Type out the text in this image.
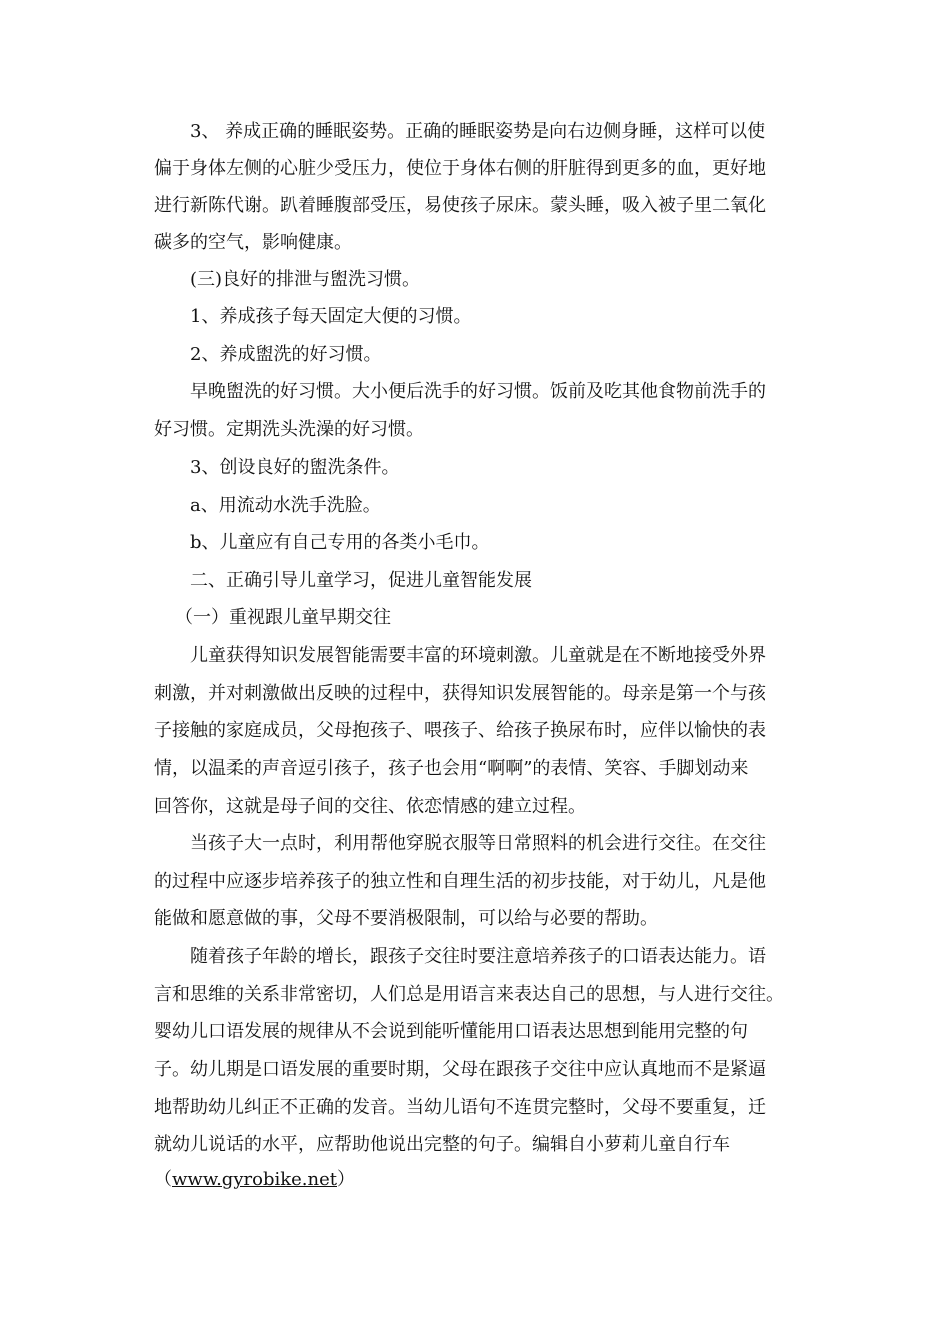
3、 养成正确的睡眠姿势。正确的睡眠姿势是向右边侧身睡，这样可以使
偏于身体左侧的心脏少受压力，使位于身体右侧的肝脏得到更多的血，更好地
进行新陈代谢。趴着睡腹部受压，易使孩子尿床。蒙头睡，吸入被子里二氧化
碳多的空气，影响健康。
(三)良好的排泄与盥洗习惯。
1、养成孩子每天固定大便的习惯。
2、养成盥洗的好习惯。
早晚盥洗的好习惯。大小便后洗手的好习惯。饭前及吃其他食物前洗手的
好习惯。定期洗头洗澡的好习惯。
3、创设良好的盥洗条件。
a、用流动水洗手洗脸。
b、儿童应有自己专用的各类小毛巾。
二、正确引导儿童学习，促进儿童智能发展
（一）重视跟儿童早期交往
儿童获得知识发展智能需要丰富的环境刺激。儿童就是在不断地接受外界
刺激，并对刺激做出反映的过程中，获得知识发展智能的。母亲是第一个与孩
子接触的家庭成员，父母抱孩子、喂孩子、给孩子换尿布时，应伴以愉快的表
情，以温柔的声音逗引孩子，孩子也会用“啊啊”的表情、笑容、手脚划动来
回答你，这就是母子间的交往、依恋情感的建立过程。
当孩子大一点时，利用帮他穿脱衣服等日常照料的机会进行交往。在交往
的过程中应逐步培养孩子的独立性和自理生活的初步技能，对于幼儿，凡是他
能做和愿意做的事，父母不要消极限制，可以给与必要的帮助。
随着孩子年龄的增长，跟孩子交往时要注意培养孩子的口语表达能力。语
言和思维的关系非常密切，人们总是用语言来表达自己的思想，与人进行交往。
婴幼儿口语发展的规律从不会说到能听懂能用口语表达思想到能用完整的句
子。幼儿期是口语发展的重要时期，父母在跟孩子交往中应认真地而不是紧逼
地帮助幼儿纠正不正确的发音。当幼儿语句不连贯完整时，父母不要重复，迁
就幼儿说话的水平，应帮助他说出完整的句子。编辑自小萝莉儿童自行车
（www.gyrobike.net）
